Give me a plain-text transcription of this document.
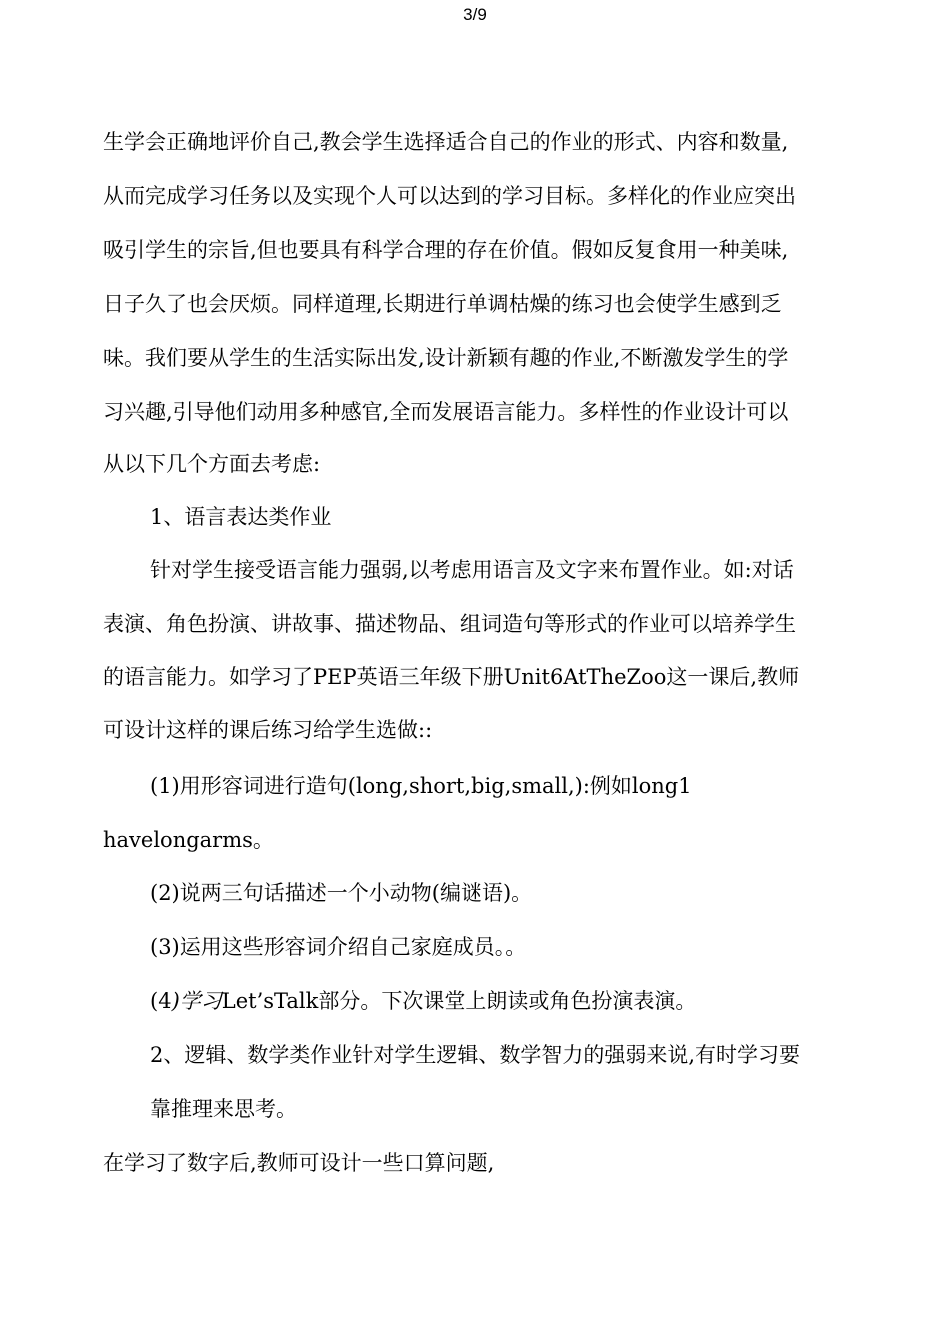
3/9
生学会正确地评价自己,教会学生选择适合自己的作业的形式、内容和数量,
从而完成学习任务以及实现个人可以达到的学习目标。多样化的作业应突出
吸引学生的宗旨,但也要具有科学合理的存在价值。假如反复食用一种美味,
日子久了也会厌烦。同样道理,长期进行单调枯燥的练习也会使学生感到乏
味。我们要从学生的生活实际出发,设计新颖有趣的作业,不断激发学生的学
习兴趣,引导他们动用多种感官,全而发展语言能力。多样性的作业设计可以
从以下几个方面去考虑:
1、语言表达类作业
针对学生接受语言能力强弱,以考虑用语言及文字来布置作业。如:对话
表演、角色扮演、讲故事、描述物品、组词造句等形式的作业可以培养学生
的语言能力。如学习了PEP英语三年级下册Unit6AtTheZoo这一课后,教师
可设计这样的课后练习给学生选做::
(1)用形容词进行造句(long,short,big,small,):例如long1
havelongarms。
(2)说两三句话描述一个小动物(编谜语)。
(3)运用这些形容词介绍自己家庭成员。。
(4)学习Let’sTalk部分。下次课堂上朗读或角色扮演表演。
2、逻辑、数学类作业针对学生逻辑、数学智力的强弱来说,有时学习要
靠推理来思考。
在学习了数字后,教师可设计一些口算问题,
